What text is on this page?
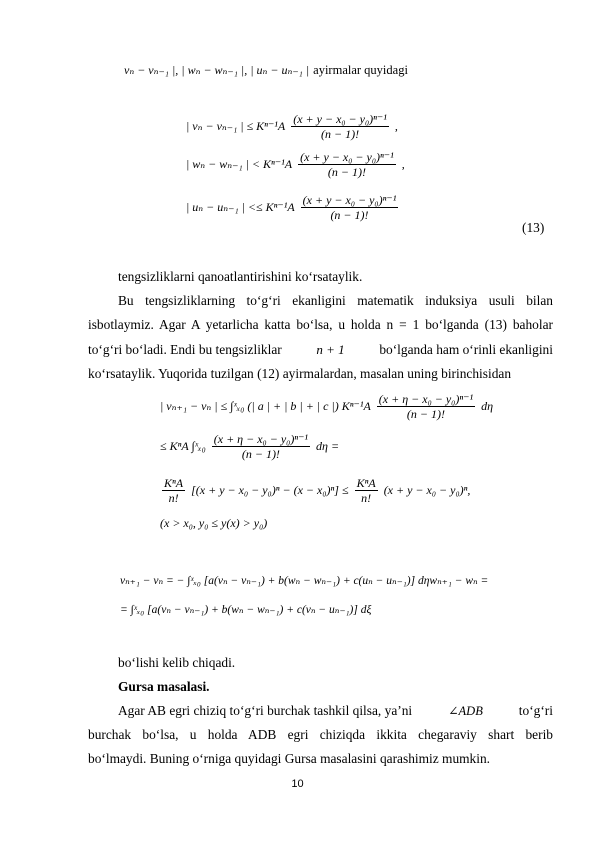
vₙ − vₙ₋₁ |, | wₙ − wₙ₋₁ |, | uₙ − uₙ₋₁ | ayirmalar quyidagi
| vₙ − vₙ₋₁ | ≤ $K^{n-1}A \frac{\text{(x + y − x₀ − y₀)ⁿ⁻¹}}{(n - 1)!}$ ,
| wₙ − wₙ₋₁ | < $K^{n-1}A \frac{\text{(x + y − x₀ − y₀)ⁿ⁻¹}}{(n - 1)!}$ ,
| uₙ − uₙ₋₁ | <≤ $K^{n-1}A \frac{\text{(x + y − x₀ − y₀)ⁿ⁻¹}}{(n - 1)!}$
(13)
tengsizliklarni qanoatlantirishini ko‘rsataylik.
Bu tengsizliklarning to‘g‘ri ekanligini matematik induksiya usuli bilan
isbotlaymiz. Agar A yetarlicha katta bo‘lsa, u holda n = 1 bo‘lganda (13) baholar
to‘g‘ri bo‘ladi. Endi bu tengsizliklar	n + 1	bo‘lganda ham o‘rinli ekanligini
ko‘rsataylik. Yuqorida tuzilgan (12) ayirmalardan, masalan uning birinchisidan
| vₙ₊₁ − vₙ | ≤ ∫ˣₓ₀ (| a | + | b | + | c |) $K^{n-1}A \frac{\text{(x + η − x₀ − y₀)ⁿ⁻¹}}{(n - 1)!}$ dη
≤ KⁿA ∫ˣₓ₀ $\frac{\text{(x + η − x₀ − y₀)ⁿ⁻¹}}{(n - 1)!}$ dη =
$\frac{\text{KⁿA}}{n!} [(x + y - x_0 - y_0)^n - (x - x_0)^n] \le \frac{\text{KⁿA}}{n!} (x + y - x_0 - y_0)^n$,
(x > x₀, y₀ ≤ y(x) > y₀)
vₙ₊₁ − vₙ = − ∫ˣₓ₀ [a(vₙ − vₙ₋₁) + b(wₙ − wₙ₋₁) + c(uₙ − uₙ₋₁)] dηwₙ₊₁ − wₙ =
= ∫ˣₓ₀ [a(vₙ − vₙ₋₁) + b(wₙ − wₙ₋₁) + c(vₙ − uₙ₋₁)] dξ
bo‘lishi kelib chiqadi.
Gursa masalasi.
Agar AB egri chiziq to‘g‘ri burchak tashkil qilsa, ya’ni	∠ADB	to‘g‘ri
burchak bo‘lsa, u holda ADB egri chiziqda ikkita chegaraviy shart berib
bo‘lmaydi. Buning o‘rniga quyidagi Gursa masalasini qarashimiz mumkin.
10
